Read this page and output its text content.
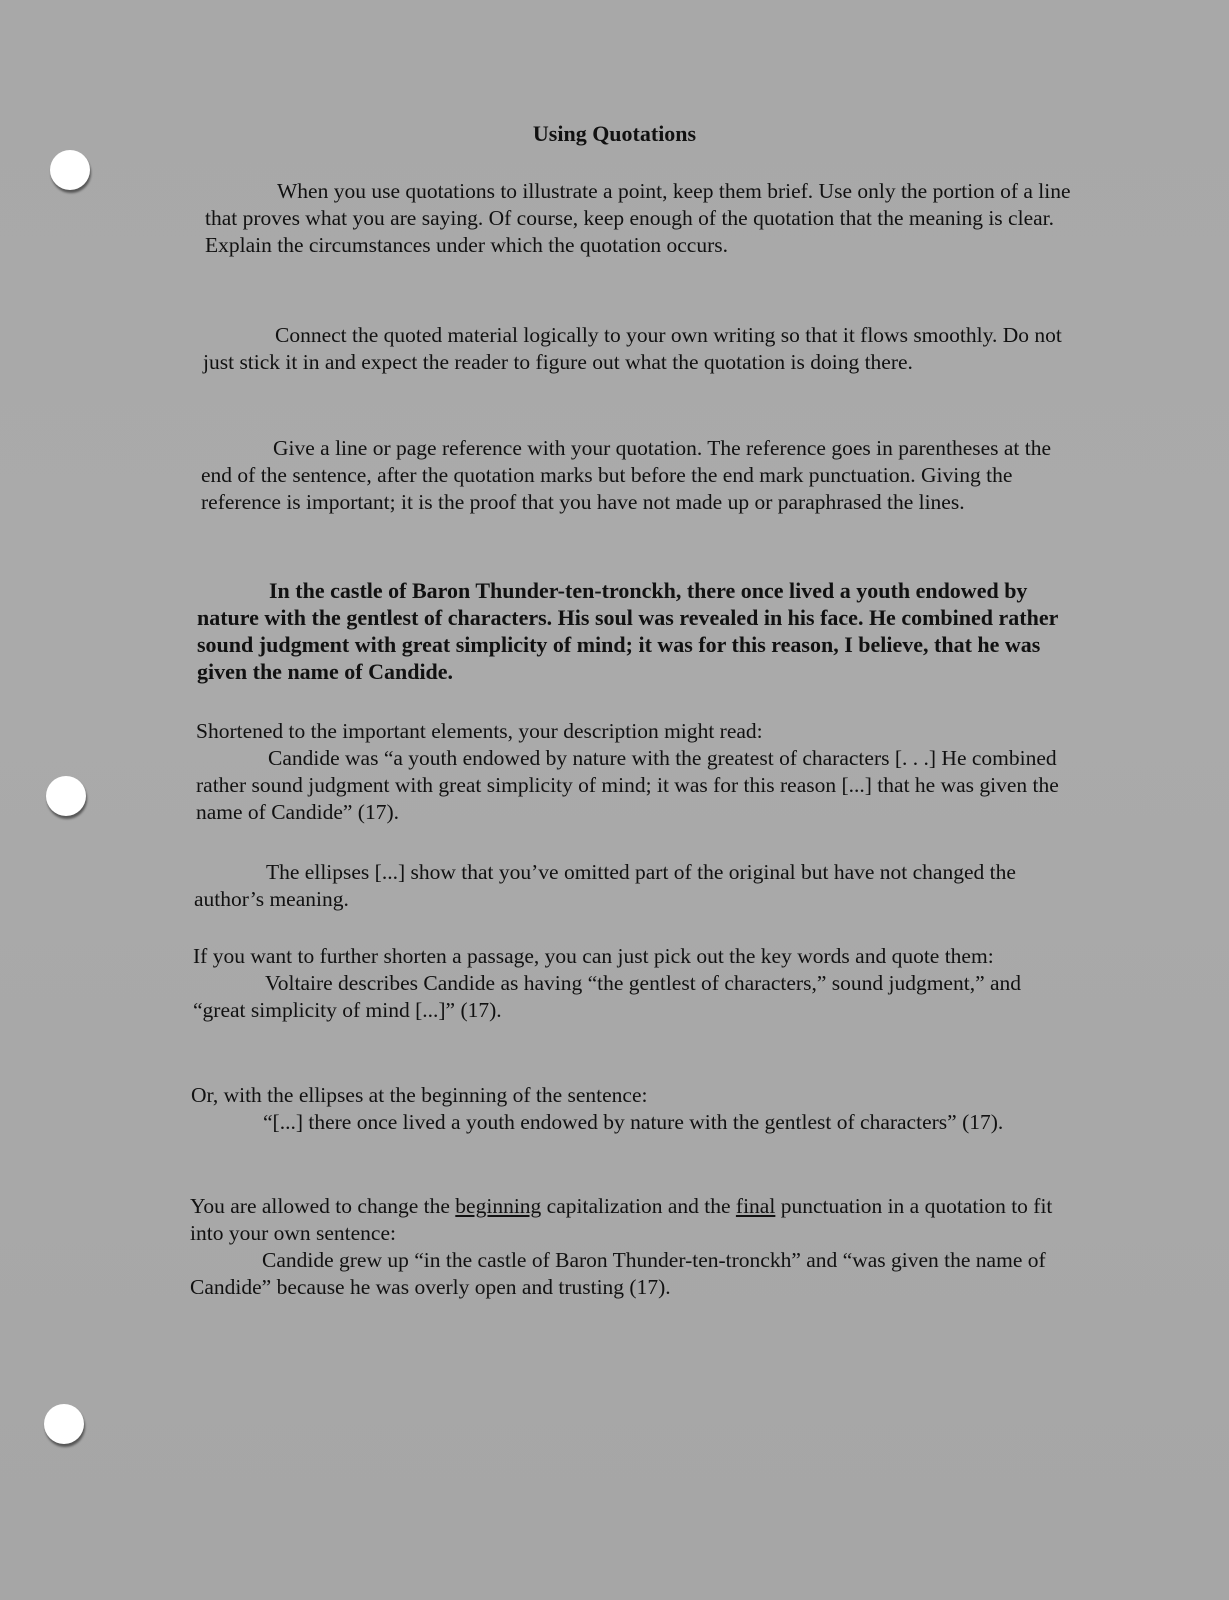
Using Quotations

When you use quotations to illustrate a point, keep them brief. Use only the portion of a line that proves what you are saying. Of course, keep enough of the quotation that the meaning is clear. Explain the circumstances under which the quotation occurs.

Connect the quoted material logically to your own writing so that it flows smoothly. Do not just stick it in and expect the reader to figure out what the quotation is doing there.

Give a line or page reference with your quotation. The reference goes in parentheses at the end of the sentence, after the quotation marks but before the end mark punctuation. Giving the reference is important; it is the proof that you have not made up or paraphrased the lines.

In the castle of Baron Thunder-ten-tronckh, there once lived a youth endowed by nature with the gentlest of characters. His soul was revealed in his face. He combined rather sound judgment with great simplicity of mind; it was for this reason, I believe, that he was given the name of Candide.

Shortened to the important elements, your description might read:
Candide was “a youth endowed by nature with the greatest of characters [. . .] He combined rather sound judgment with great simplicity of mind; it was for this reason [...] that he was given the name of Candide” (17).

The ellipses [...] show that you’ve omitted part of the original but have not changed the author’s meaning.

If you want to further shorten a passage, you can just pick out the key words and quote them:
Voltaire describes Candide as having “the gentlest of characters,” sound judgment,” and “great simplicity of mind [...]” (17).
Or, with the ellipses at the beginning of the sentence:
“[...] there once lived a youth endowed by nature with the gentlest of characters” (17).
You are allowed to change the beginning capitalization and the final punctuation in a quotation to fit into your own sentence:
Candide grew up “in the castle of Baron Thunder-ten-tronckh” and “was given the name of Candide” because he was overly open and trusting (17).
